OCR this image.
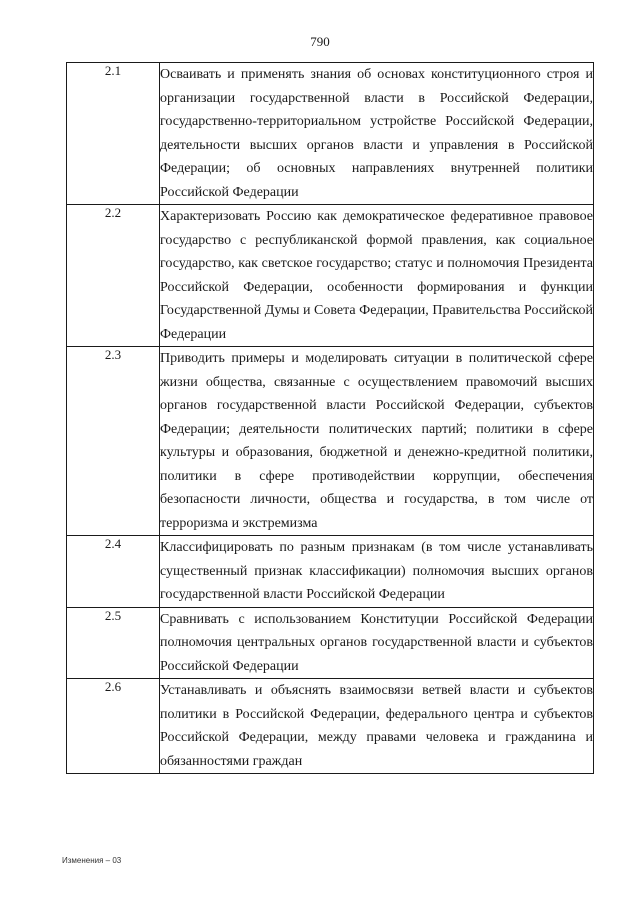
790
2.1	Осваивать и применять знания об основах конституционного строя и организации государственной власти в Российской Федерации, государственно-территориальном устройстве Российской Федерации, деятельности высших органов власти и управления в Российской Федерации; об основных направлениях внутренней политики Российской Федерации
2.2	Характеризовать Россию как демократическое федеративное правовое государство с республиканской формой правления, как социальное государство, как светское государство; статус и полномочия Президента Российской Федерации, особенности формирования и функции Государственной Думы и Совета Федерации, Правительства Российской Федерации
2.3	Приводить примеры и моделировать ситуации в политической сфере жизни общества, связанные с осуществлением правомочий высших органов государственной власти Российской Федерации, субъектов Федерации; деятельности политических партий; политики в сфере культуры и образования, бюджетной и денежно-кредитной политики, политики в сфере противодействии коррупции, обеспечения безопасности личности, общества и государства, в том числе от терроризма и экстремизма
2.4	Классифицировать по разным признакам (в том числе устанавливать существенный признак классификации) полномочия высших органов государственной власти Российской Федерации
2.5	Сравнивать с использованием Конституции Российской Федерации полномочия центральных органов государственной власти и субъектов Российской Федерации
2.6	Устанавливать и объяснять взаимосвязи ветвей власти и субъектов политики в Российской Федерации, федерального центра и субъектов Российской Федерации, между правами человека и гражданина и обязанностями граждан
Изменения – 03
